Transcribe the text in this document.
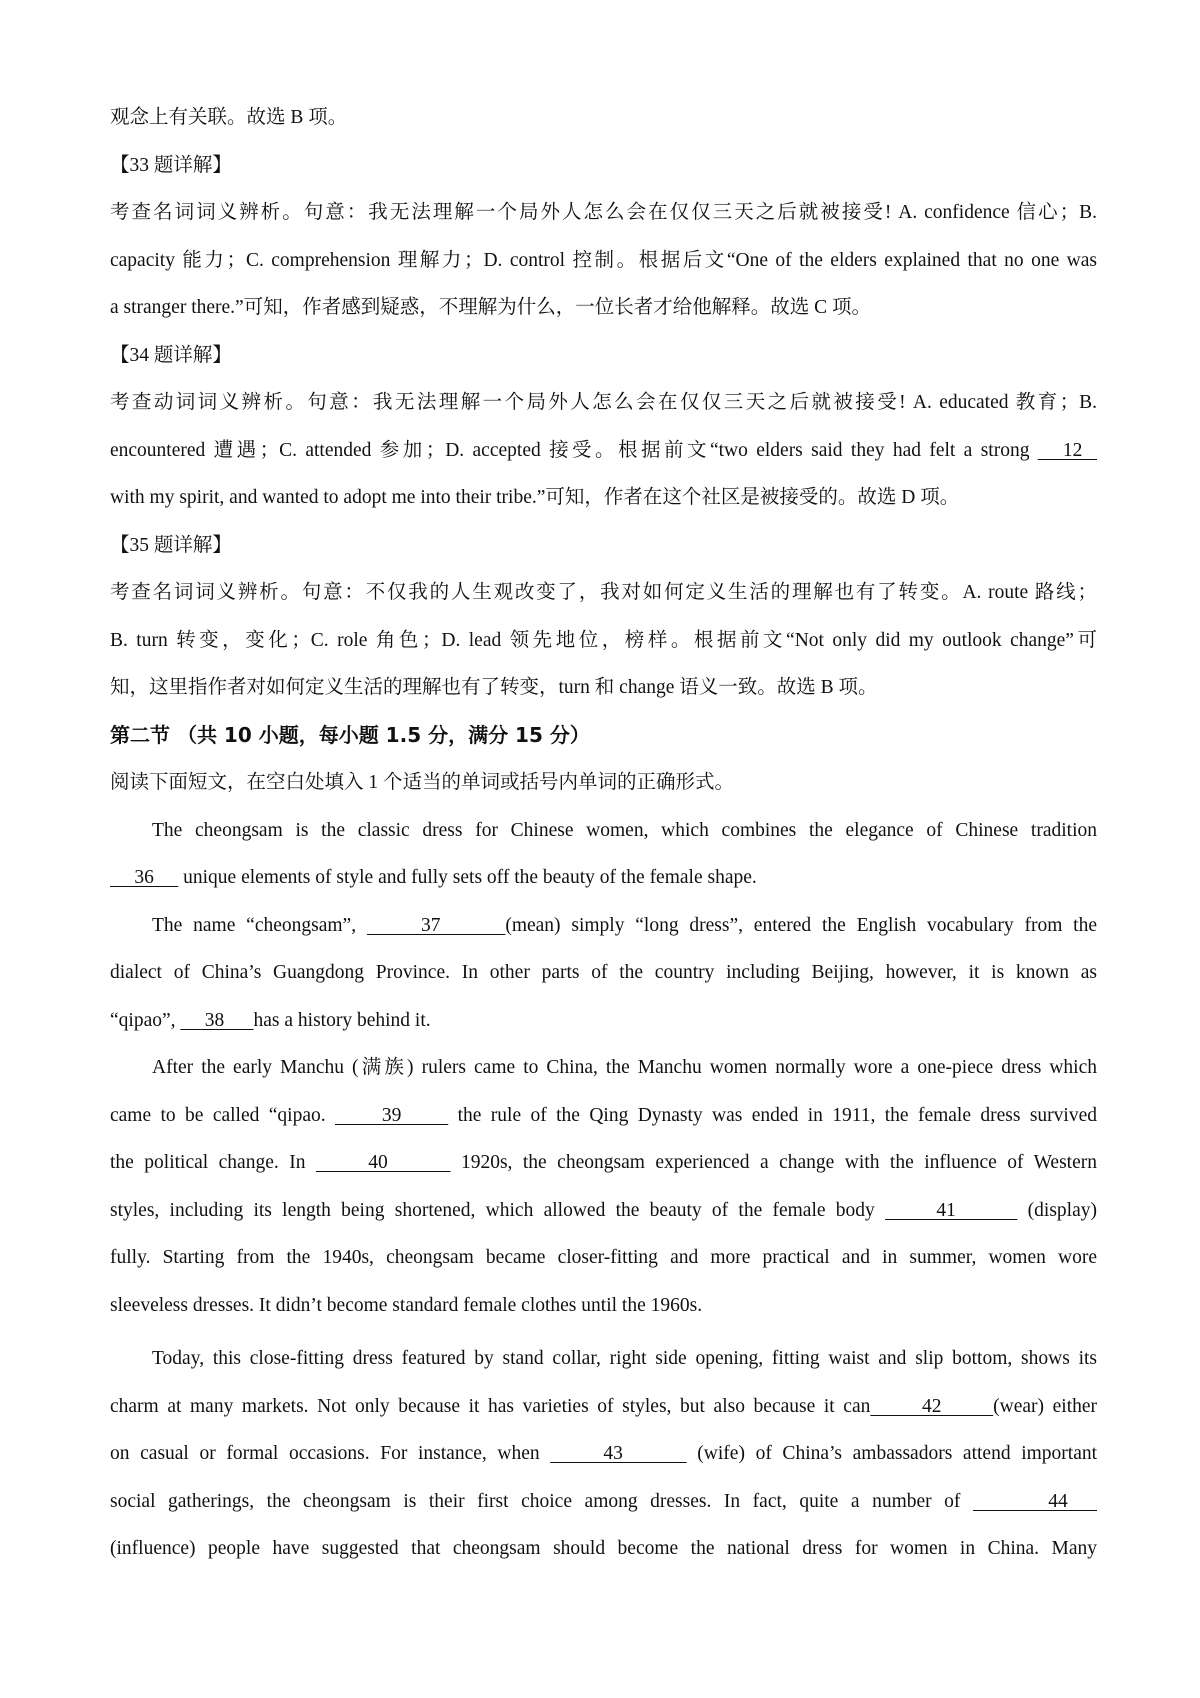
观念上有关联。故选 B 项。

【33 题详解】

考查名词词义辨析。句意：我无法理解一个局外人怎么会在仅仅三天之后就被接受! A. confidence 信心；B.

capacity 能力；C. comprehension 理解力；D. control 控制。根据后文“One of the elders explained that no one was

a stranger there.”可知，作者感到疑惑，不理解为什么，一位长者才给他解释。故选 C 项。

【34 题详解】

考查动词词义辨析。句意：我无法理解一个局外人怎么会在仅仅三天之后就被接受! A. educated 教育；B.

encountered 遭遇；C. attended 参加；D. accepted 接受。根据前文“two elders said they had felt a strong    12

with my spirit, and wanted to adopt me into their tribe.”可知，作者在这个社区是被接受的。故选 D 项。

【35 题详解】

考查名词词义辨析。句意：不仅我的人生观改变了，我对如何定义生活的理解也有了转变。A. route 路线；

B. turn 转变，变化；C. role 角色；D. lead 领先地位，榜样。根据前文“Not only did my outlook change”可

知，这里指作者对如何定义生活的理解也有了转变，turn 和 change 语义一致。故选 B 项。

第二节 （共 10 小题，每小题 1.5 分，满分 15 分）

阅读下面短文，在空白处填入 1 个适当的单词或括号内单词的正确形式。

The cheongsam is the classic dress for Chinese women, which combines the elegance of Chinese tradition

36      unique elements of style and fully sets off the beauty of the female shape.

The name “cheongsam”,      37      (mean) simply “long dress”, entered the English vocabulary from the

dialect of China’s Guangdong Province. In other parts of the country including Beijing, however, it is known as

“qipao”,      38      has a history behind it.

After the early Manchu (满族) rulers came to China, the Manchu women normally wore a one-piece dress which

came to be called “qipao.      39      the rule of the Qing Dynasty was ended in 1911, the female dress survived

the political change. In      40       1920s, the cheongsam experienced a change with the influence of Western

styles, including its length being shortened, which allowed the beauty of the female body      41       (display)

fully. Starting from the 1940s, cheongsam became closer-fitting and more practical and in summer, women wore

sleeveless dresses. It didn’t become standard female clothes until the 1960s.

Today, this close-fitting dress featured by stand collar, right side opening, fitting waist and slip bottom, shows its

charm at many markets. Not only because it has varieties of styles, but also because it can      42      (wear) either

on casual or formal occasions. For instance, when      43       (wife) of China’s ambassadors attend important

social gatherings, the cheongsam is their first choice among dresses. In fact, quite a number of       44

(influence) people have suggested that cheongsam should become the national dress for women in China. Many
